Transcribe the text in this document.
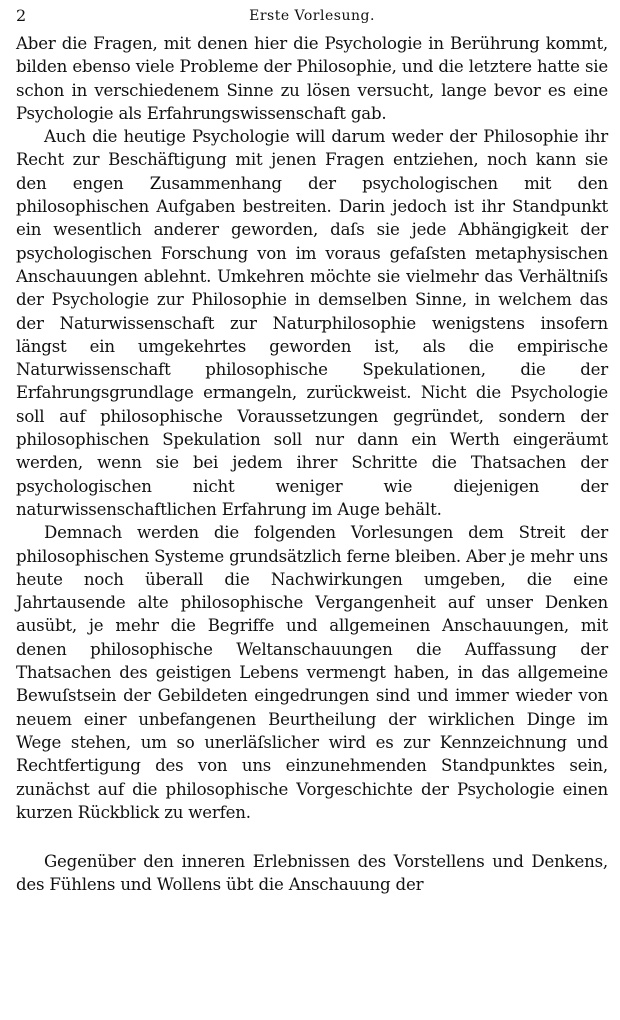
2	Erste Vorlesung.

Aber die Fragen, mit denen hier die Psychologie in Berührung kommt, bilden ebenso viele Probleme der Philosophie, und die letztere hatte sie schon in verschiedenem Sinne zu lösen versucht, lange bevor es eine Psychologie als Erfahrungswissenschaft gab.

Auch die heutige Psychologie will darum weder der Philosophie ihr Recht zur Beschäftigung mit jenen Fragen entziehen, noch kann sie den engen Zusammenhang der psychologischen mit den philosophischen Aufgaben bestreiten. Darin jedoch ist ihr Standpunkt ein wesentlich anderer geworden, daſs sie jede Abhängigkeit der psychologischen Forschung von im voraus gefaſsten metaphysischen Anschauungen ablehnt. Umkehren möchte sie vielmehr das Verhältniſs der Psychologie zur Philosophie in demselben Sinne, in welchem das der Naturwissenschaft zur Naturphilosophie wenigstens insofern längst ein umgekehrtes geworden ist, als die empirische Naturwissenschaft philosophische Spekulationen, die der Erfahrungsgrundlage ermangeln, zurückweist. Nicht die Psychologie soll auf philosophische Voraussetzungen gegründet, sondern der philosophischen Spekulation soll nur dann ein Werth eingeräumt werden, wenn sie bei jedem ihrer Schritte die Thatsachen der psychologischen nicht weniger wie diejenigen der naturwissenschaftlichen Erfahrung im Auge behält.

Demnach werden die folgenden Vorlesungen dem Streit der philosophischen Systeme grundsätzlich ferne bleiben. Aber je mehr uns heute noch überall die Nachwirkungen umgeben, die eine Jahrtausende alte philosophische Vergangenheit auf unser Denken ausübt, je mehr die Begriffe und allgemeinen Anschauungen, mit denen philosophische Weltanschauungen die Auffassung der Thatsachen des geistigen Lebens vermengt haben, in das allgemeine Bewuſstsein der Gebildeten eingedrungen sind und immer wieder von neuem einer unbefangenen Beurtheilung der wirklichen Dinge im Wege stehen, um so unerläſslicher wird es zur Kennzeichnung und Rechtfertigung des von uns einzunehmenden Standpunktes sein, zunächst auf die philosophische Vorgeschichte der Psychologie einen kurzen Rückblick zu werfen.

Gegenüber den inneren Erlebnissen des Vorstellens und Denkens, des Fühlens und Wollens übt die Anschauung der
